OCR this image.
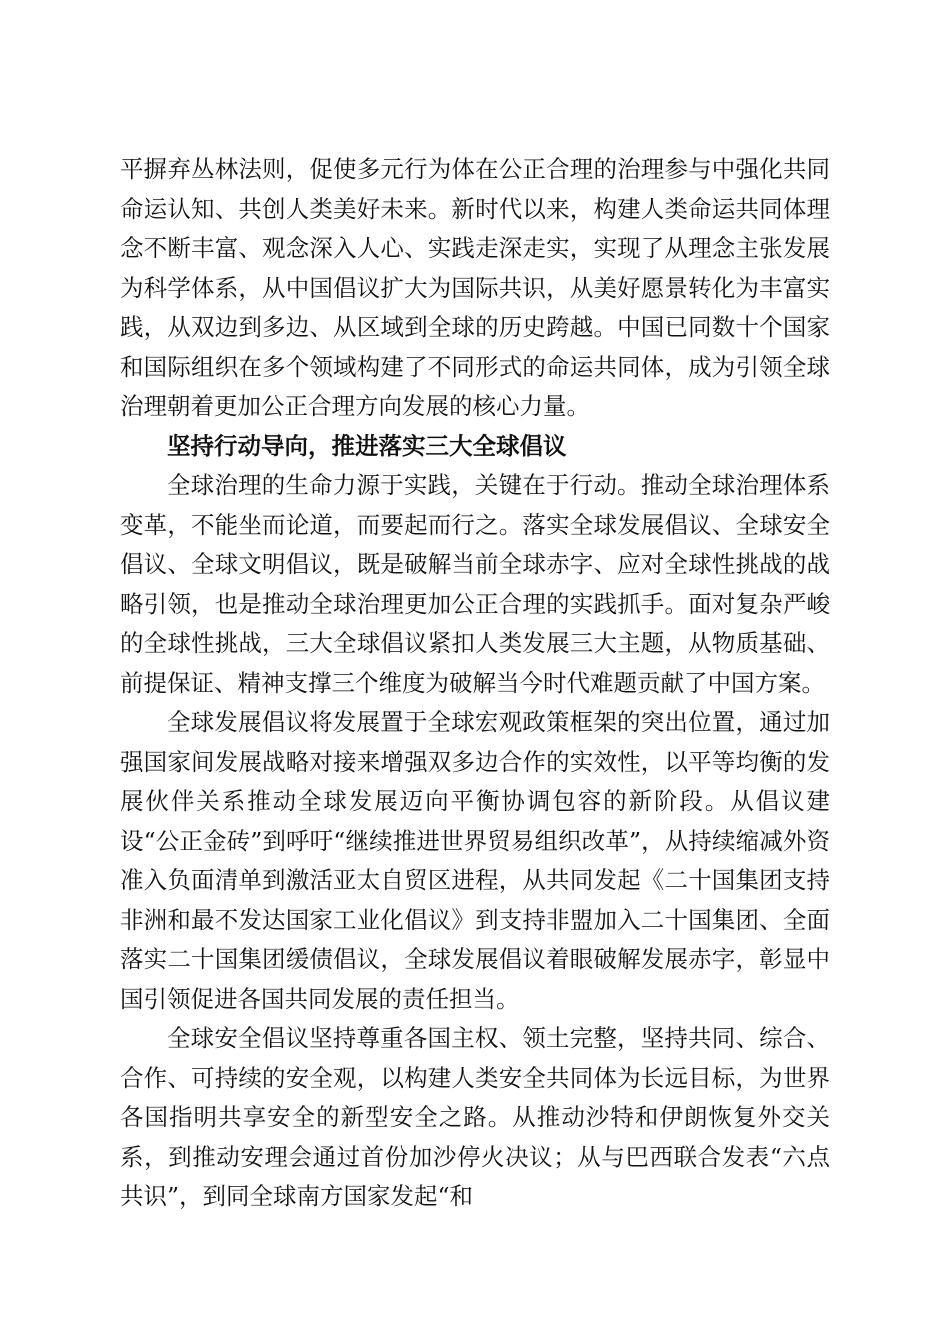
平摒弃丛林法则，促使多元行为体在公正合理的治理参与中强化共同命运认知、共创人类美好未来。新时代以来，构建人类命运共同体理念不断丰富、观念深入人心、实践走深走实，实现了从理念主张发展为科学体系，从中国倡议扩大为国际共识，从美好愿景转化为丰富实践，从双边到多边、从区域到全球的历史跨越。中国已同数十个国家和国际组织在多个领域构建了不同形式的命运共同体，成为引领全球治理朝着更加公正合理方向发展的核心力量。

坚持行动导向，推进落实三大全球倡议

全球治理的生命力源于实践，关键在于行动。推动全球治理体系变革，不能坐而论道，而要起而行之。落实全球发展倡议、全球安全倡议、全球文明倡议，既是破解当前全球赤字、应对全球性挑战的战略引领，也是推动全球治理更加公正合理的实践抓手。面对复杂严峻的全球性挑战，三大全球倡议紧扣人类发展三大主题，从物质基础、前提保证、精神支撑三个维度为破解当今时代难题贡献了中国方案。

全球发展倡议将发展置于全球宏观政策框架的突出位置，通过加强国家间发展战略对接来增强双多边合作的实效性，以平等均衡的发展伙伴关系推动全球发展迈向平衡协调包容的新阶段。从倡议建设“公正金砖”到呼吁“继续推进世界贸易组织改革”，从持续缩减外资准入负面清单到激活亚太自贸区进程，从共同发起《二十国集团支持非洲和最不发达国家工业化倡议》到支持非盟加入二十国集团、全面落实二十国集团缓债倡议，全球发展倡议着眼破解发展赤字，彰显中国引领促进各国共同发展的责任担当。

全球安全倡议坚持尊重各国主权、领土完整，坚持共同、综合、合作、可持续的安全观，以构建人类安全共同体为长远目标，为世界各国指明共享安全的新型安全之路。从推动沙特和伊朗恢复外交关系，到推动安理会通过首份加沙停火决议；从与巴西联合发表“六点共识”，到同全球南方国家发起“和
